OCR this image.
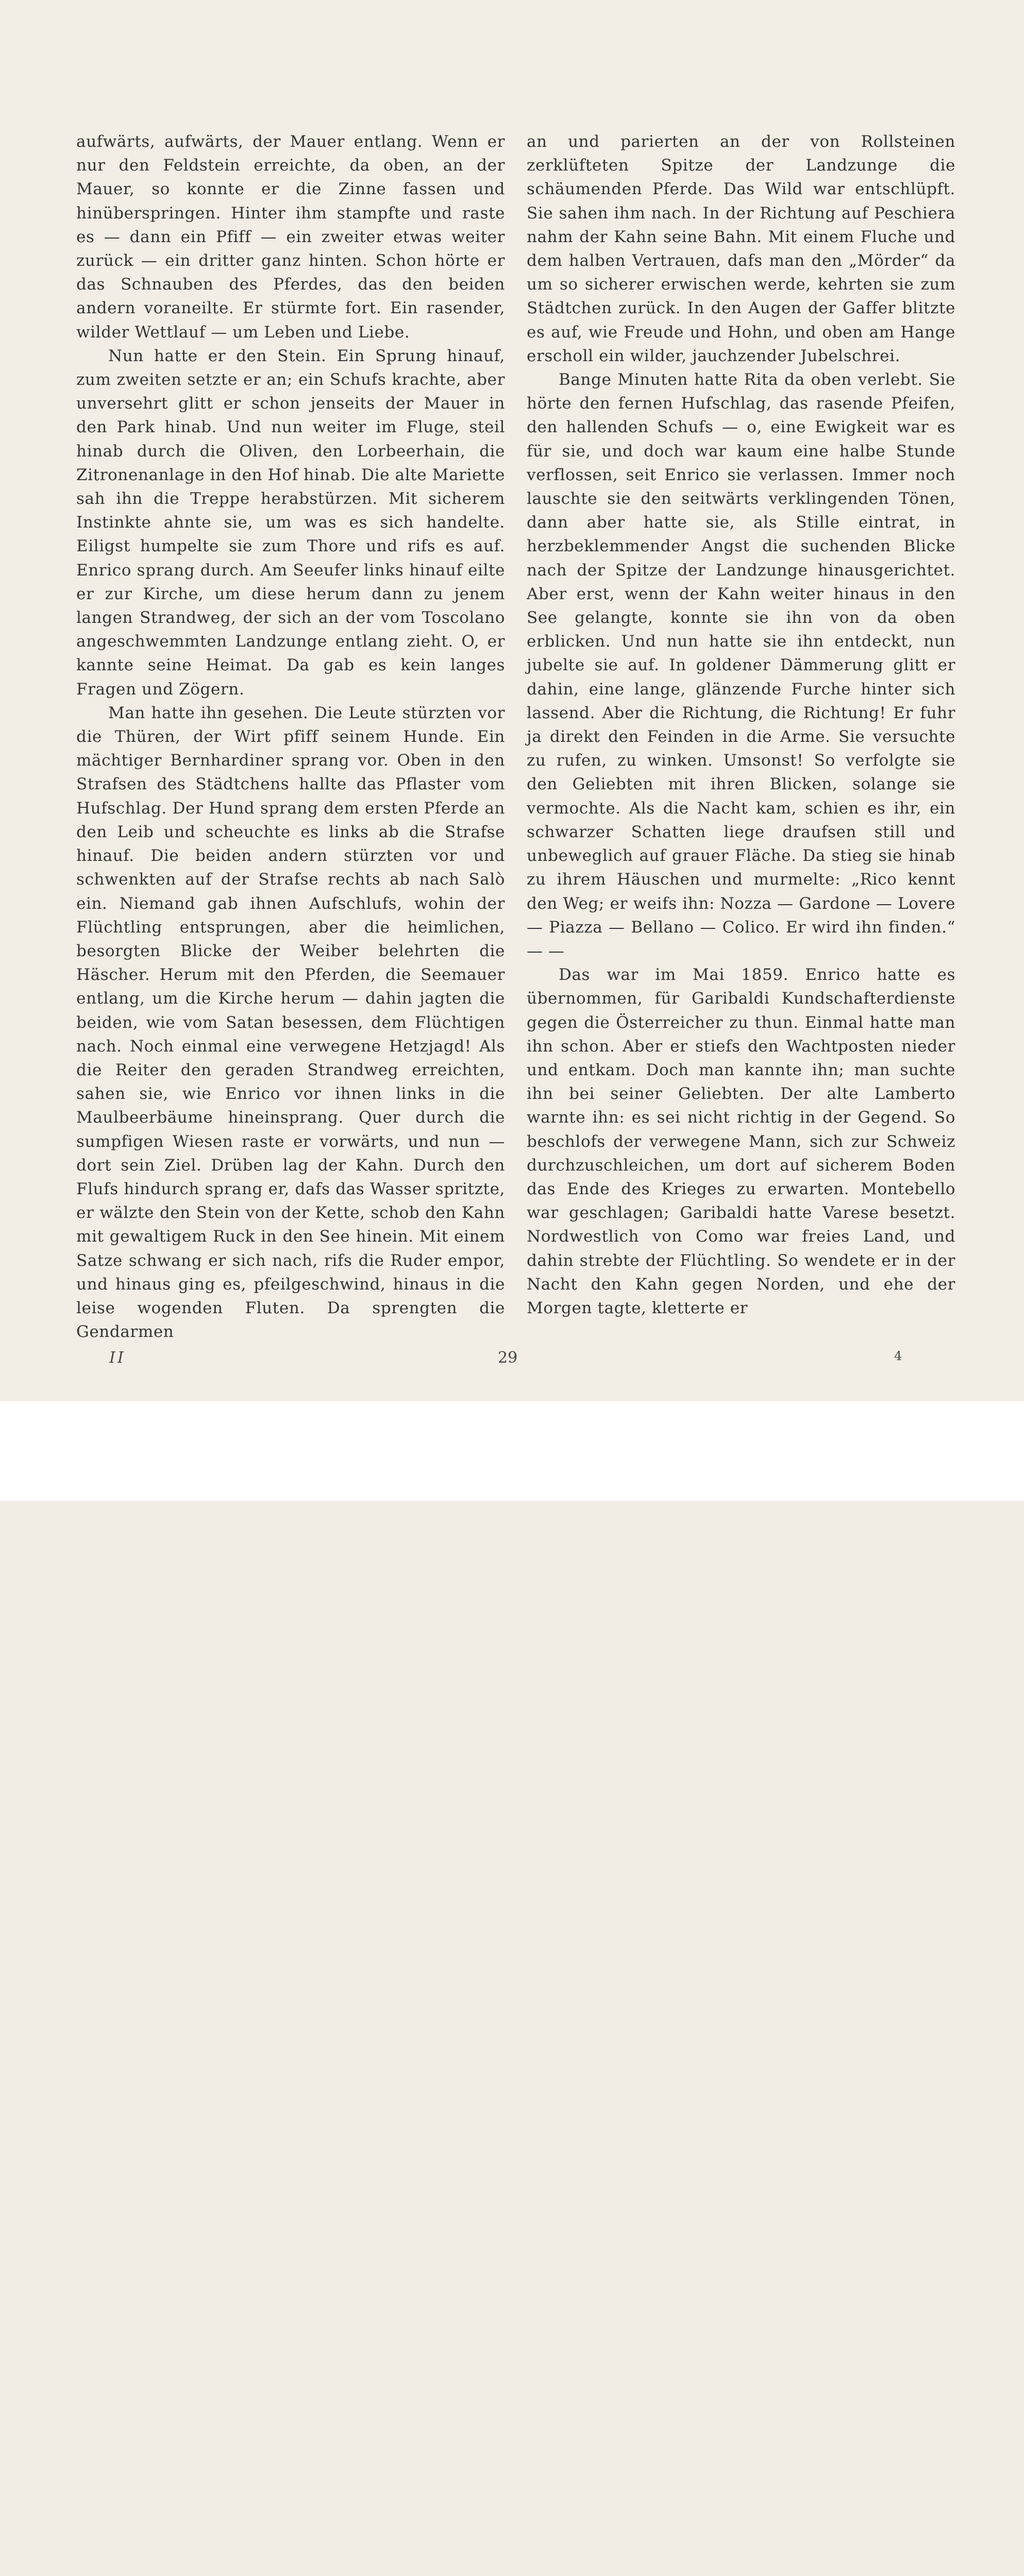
aufwärts, aufwärts, der Mauer entlang. Wenn er nur den Feldstein erreichte, da oben, an der Mauer, so konnte er die Zinne fassen und hinüberspringen. Hinter ihm stampfte und raste es — dann ein Pfiff — ein zweiter etwas weiter zurück — ein dritter ganz hinten. Schon hörte er das Schnauben des Pferdes, das den beiden andern voraneilte. Er stürmte fort. Ein rasender, wilder Wettlauf — um Leben und Liebe.

Nun hatte er den Stein. Ein Sprung hinauf, zum zweiten setzte er an; ein Schufs krachte, aber unversehrt glitt er schon jenseits der Mauer in den Park hinab. Und nun weiter im Fluge, steil hinab durch die Oliven, den Lorbeerhain, die Zitronenanlage in den Hof hinab. Die alte Mariette sah ihn die Treppe herabstürzen. Mit sicherem Instinkte ahnte sie, um was es sich handelte. Eiligst humpelte sie zum Thore und rifs es auf. Enrico sprang durch. Am Seeufer links hinauf eilte er zur Kirche, um diese herum dann zu jenem langen Strandweg, der sich an der vom Toscolano angeschwemmten Landzunge entlang zieht. O, er kannte seine Heimat. Da gab es kein langes Fragen und Zögern.

Man hatte ihn gesehen. Die Leute stürzten vor die Thüren, der Wirt pfiff seinem Hunde. Ein mächtiger Bernhardiner sprang vor. Oben in den Strafsen des Städtchens hallte das Pflaster vom Hufschlag. Der Hund sprang dem ersten Pferde an den Leib und scheuchte es links ab die Strafse hinauf. Die beiden andern stürzten vor und schwenkten auf der Strafse rechts ab nach Salò ein. Niemand gab ihnen Aufschlufs, wohin der Flüchtling entsprungen, aber die heimlichen, besorgten Blicke der Weiber belehrten die Häscher. Herum mit den Pferden, die Seemauer entlang, um die Kirche herum — dahin jagten die beiden, wie vom Satan besessen, dem Flüchtigen nach. Noch einmal eine verwegene Hetzjagd! Als die Reiter den geraden Strandweg erreichten, sahen sie, wie Enrico vor ihnen links in die Maulbeerbäume hineinsprang. Quer durch die sumpfigen Wiesen raste er vorwärts, und nun — dort sein Ziel. Drüben lag der Kahn. Durch den Flufs hindurch sprang er, dafs das Wasser spritzte, er wälzte den Stein von der Kette, schob den Kahn mit gewaltigem Ruck in den See hinein. Mit einem Satze schwang er sich nach, rifs die Ruder empor, und hinaus ging es, pfeilgeschwind, hinaus in die leise wogenden Fluten. Da sprengten die Gendarmen

an und parierten an der von Rollsteinen zerklüfteten Spitze der Landzunge die schäumenden Pferde. Das Wild war entschlüpft. Sie sahen ihm nach. In der Richtung auf Peschiera nahm der Kahn seine Bahn. Mit einem Fluche und dem halben Vertrauen, dafs man den „Mörder“ da um so sicherer erwischen werde, kehrten sie zum Städtchen zurück. In den Augen der Gaffer blitzte es auf, wie Freude und Hohn, und oben am Hange erscholl ein wilder, jauchzender Jubelschrei.

Bange Minuten hatte Rita da oben verlebt. Sie hörte den fernen Hufschlag, das rasende Pfeifen, den hallenden Schufs — o, eine Ewigkeit war es für sie, und doch war kaum eine halbe Stunde verflossen, seit Enrico sie verlassen. Immer noch lauschte sie den seitwärts verklingenden Tönen, dann aber hatte sie, als Stille eintrat, in herzbeklemmender Angst die suchenden Blicke nach der Spitze der Landzunge hinausgerichtet. Aber erst, wenn der Kahn weiter hinaus in den See gelangte, konnte sie ihn von da oben erblicken. Und nun hatte sie ihn entdeckt, nun jubelte sie auf. In goldener Dämmerung glitt er dahin, eine lange, glänzende Furche hinter sich lassend. Aber die Richtung, die Richtung! Er fuhr ja direkt den Feinden in die Arme. Sie versuchte zu rufen, zu winken. Umsonst! So verfolgte sie den Geliebten mit ihren Blicken, solange sie vermochte. Als die Nacht kam, schien es ihr, ein schwarzer Schatten liege draufsen still und unbeweglich auf grauer Fläche. Da stieg sie hinab zu ihrem Häuschen und murmelte: „Rico kennt den Weg; er weifs ihn: Nozza — Gardone — Lovere — Piazza — Bellano — Colico. Er wird ihn finden.“ — —

Das war im Mai 1859. Enrico hatte es übernommen, für Garibaldi Kundschafterdienste gegen die Österreicher zu thun. Einmal hatte man ihn schon. Aber er stiefs den Wachtposten nieder und entkam. Doch man kannte ihn; man suchte ihn bei seiner Geliebten. Der alte Lamberto warnte ihn: es sei nicht richtig in der Gegend. So beschlofs der verwegene Mann, sich zur Schweiz durchzuschleichen, um dort auf sicherem Boden das Ende des Krieges zu erwarten. Montebello war geschlagen; Garibaldi hatte Varese besetzt. Nordwestlich von Como war freies Land, und dahin strebte der Flüchtling. So wendete er in der Nacht den Kahn gegen Norden, und ehe der Morgen tagte, kletterte er

II	29	4
